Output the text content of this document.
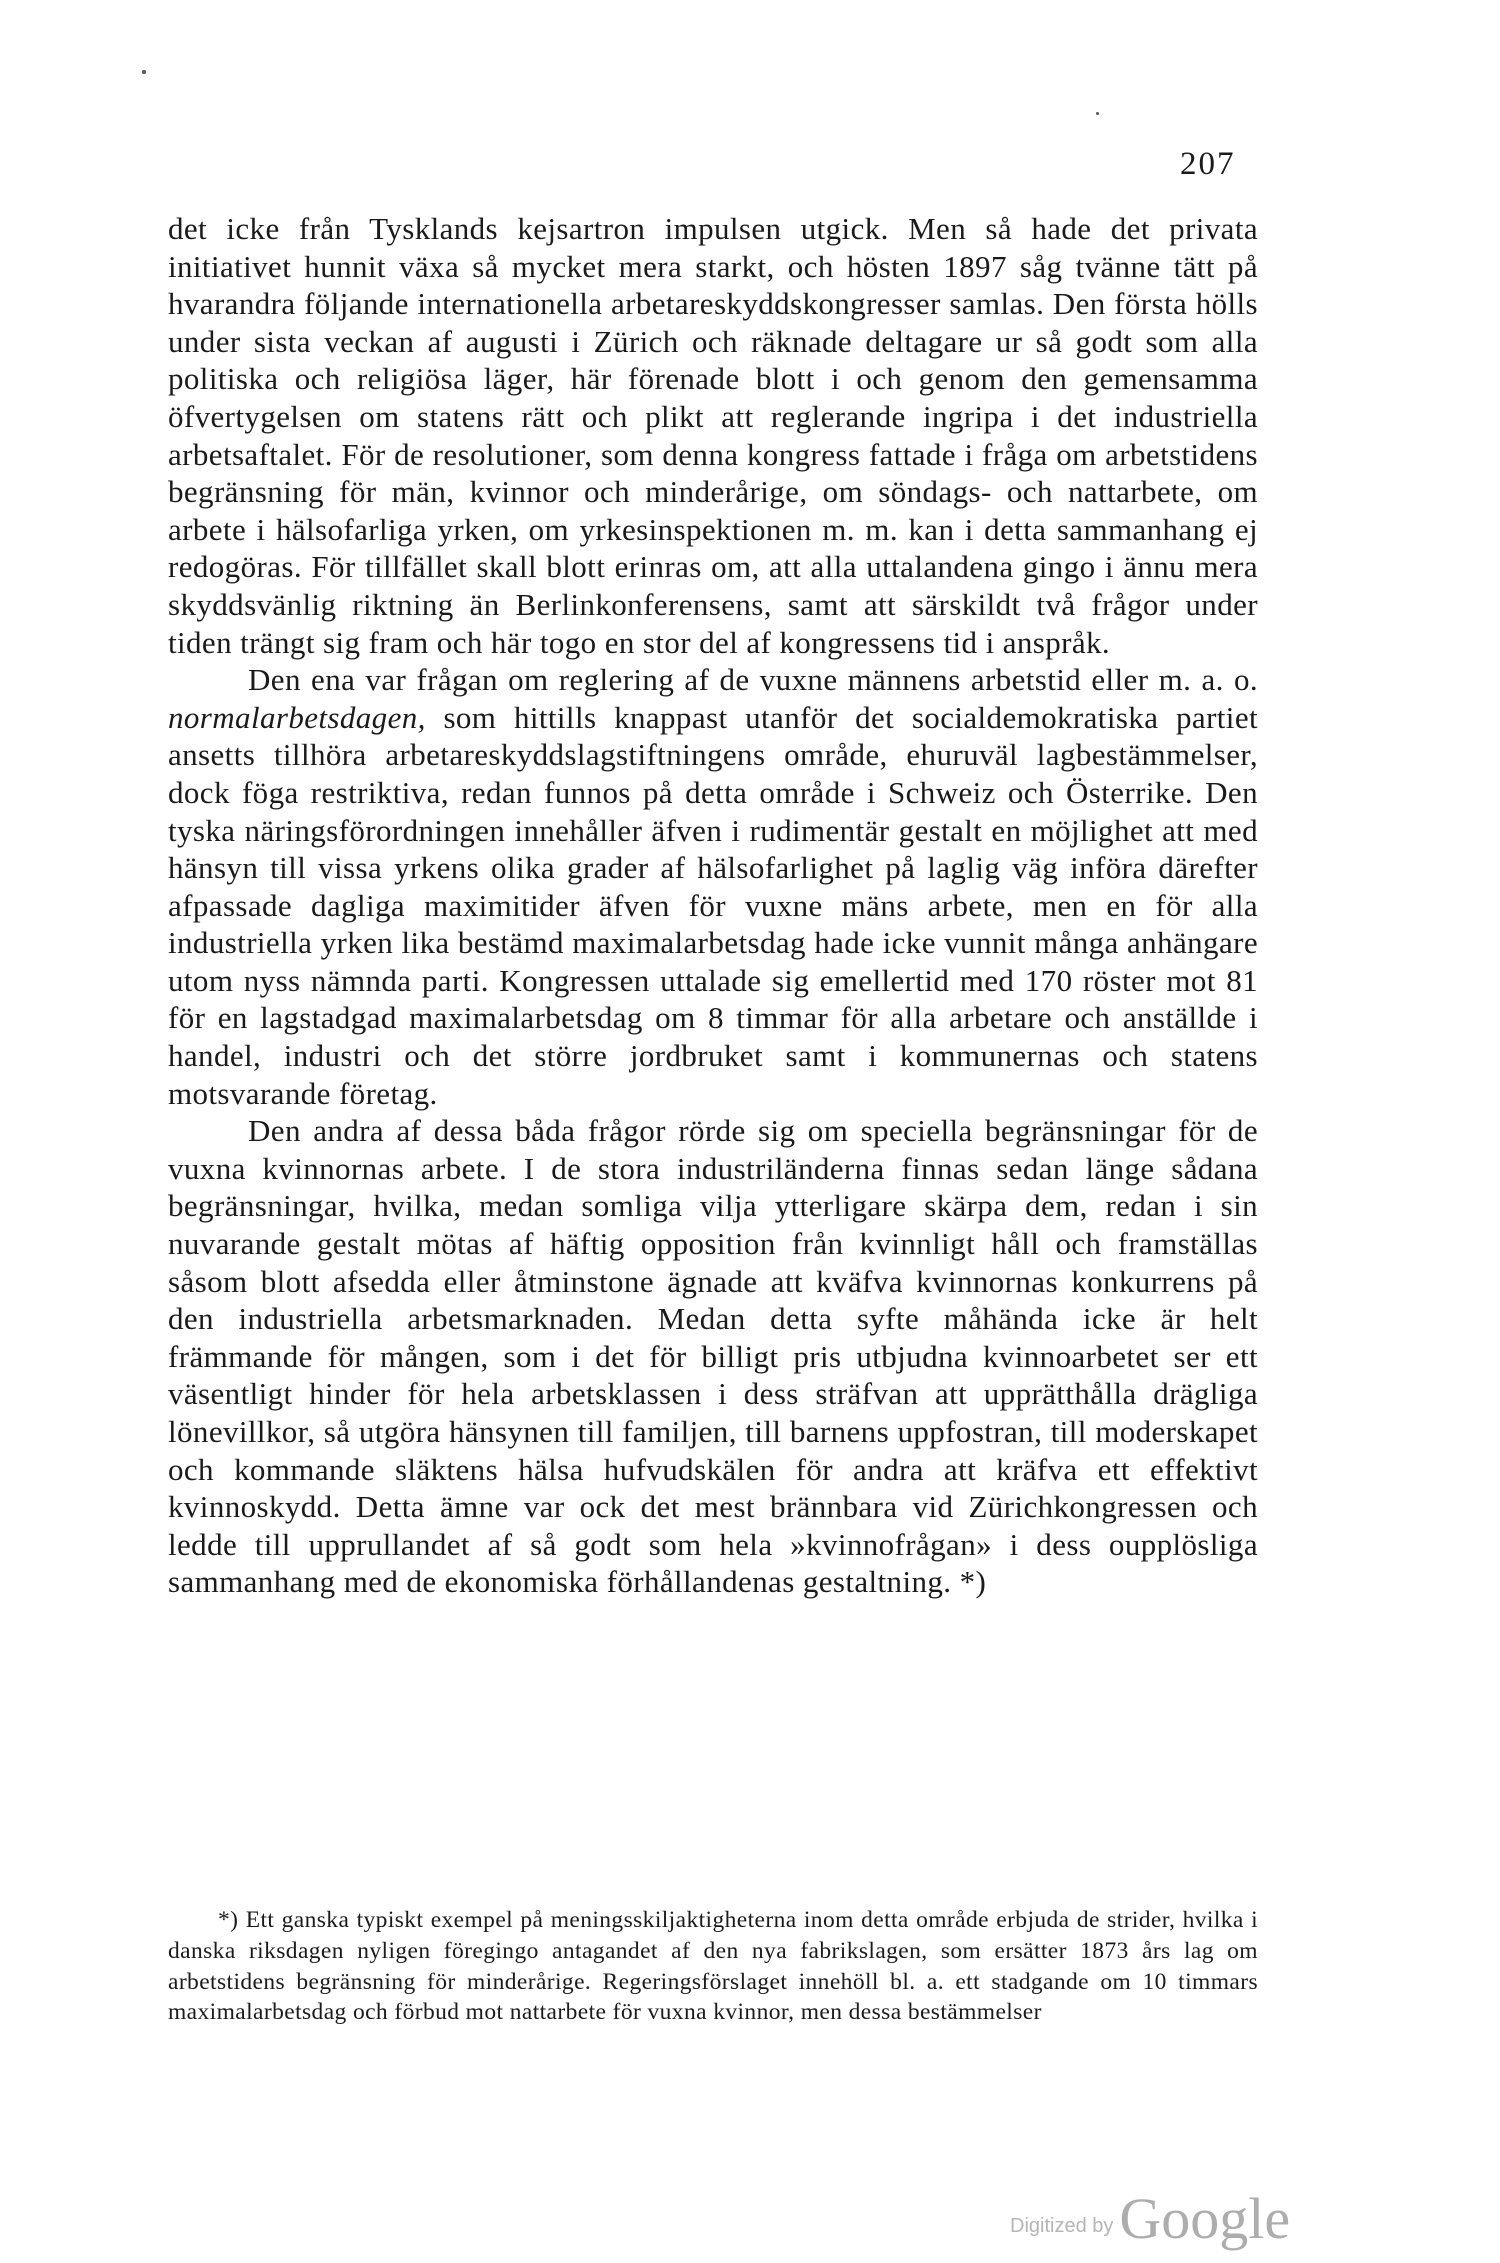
207

det icke från Tysklands kejsartron impulsen utgick. Men så hade det privata initiativet hunnit växa så mycket mera starkt, och hösten 1897 såg tvänne tätt på hvarandra följande internationella arbetareskyddskongresser samlas. Den första hölls under sista veckan af augusti i Zürich och räknade deltagare ur så godt som alla politiska och religiösa läger, här förenade blott i och genom den gemensamma öfvertygelsen om statens rätt och plikt att reglerande ingripa i det industriella arbetsaftalet. För de resolutioner, som denna kongress fattade i fråga om arbetstidens begränsning för män, kvinnor och minderårige, om söndags- och nattarbete, om arbete i hälsofarliga yrken, om yrkesinspektionen m. m. kan i detta sammanhang ej redogöras. För tillfället skall blott erinras om, att alla uttalandena gingo i ännu mera skyddsvänlig riktning än Berlinkonferensens, samt att särskildt två frågor under tiden trängt sig fram och här togo en stor del af kongressens tid i anspråk.

Den ena var frågan om reglering af de vuxne männens arbetstid eller m. a. o. normalarbetsdagen, som hittills knappast utanför det socialdemokratiska partiet ansetts tillhöra arbetareskyddslagstiftningens område, ehuruväl lagbestämmelser, dock föga restriktiva, redan funnos på detta område i Schweiz och Österrike. Den tyska näringsförordningen innehåller äfven i rudimentär gestalt en möjlighet att med hänsyn till vissa yrkens olika grader af hälsofarlighet på laglig väg införa därefter afpassade dagliga maximitider äfven för vuxne mäns arbete, men en för alla industriella yrken lika bestämd maximalarbetsdag hade icke vunnit många anhängare utom nyss nämnda parti. Kongressen uttalade sig emellertid med 170 röster mot 81 för en lagstadgad maximalarbetsdag om 8 timmar för alla arbetare och anställde i handel, industri och det större jordbruket samt i kommunernas och statens motsvarande företag.

Den andra af dessa båda frågor rörde sig om speciella begränsningar för de vuxna kvinnornas arbete. I de stora industriländerna finnas sedan länge sådana begränsningar, hvilka, medan somliga vilja ytterligare skärpa dem, redan i sin nuvarande gestalt mötas af häftig opposition från kvinnligt håll och framställas såsom blott afsedda eller åtminstone ägnade att kväfva kvinnornas konkurrens på den industriella arbetsmarknaden. Medan detta syfte måhända icke är helt främmande för mången, som i det för billigt pris utbjudna kvinnoarbetet ser ett väsentligt hinder för hela arbetsklassen i dess sträfvan att upprätthålla drägliga lönevillkor, så utgöra hänsynen till familjen, till barnens uppfostran, till moderskapet och kommande släktens hälsa hufvudskälen för andra att kräfva ett effektivt kvinnoskydd. Detta ämne var ock det mest brännbara vid Zürichkongressen och ledde till upprullandet af så godt som hela »kvinnofrågan» i dess oupplösliga sammanhang med de ekonomiska förhållandenas gestaltning. *)

*) Ett ganska typiskt exempel på meningsskiljaktigheterna inom detta område erbjuda de strider, hvilka i danska riksdagen nyligen föregingo antagandet af den nya fabrikslagen, som ersätter 1873 års lag om arbetstidens begränsning för minderårige. Regeringsförslaget innehöll bl. a. ett stadgande om 10 timmars maximalarbetsdag och förbud mot nattarbete för vuxna kvinnor, men dessa bestämmelser

Digitized by Google
